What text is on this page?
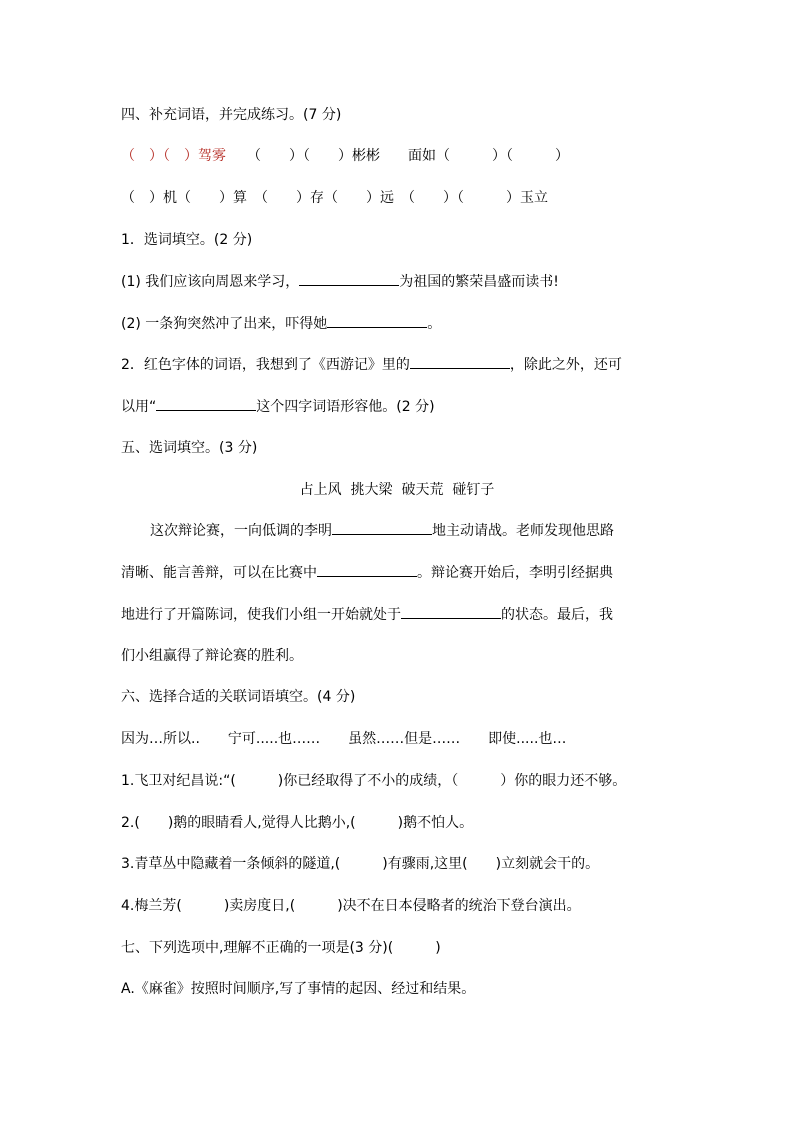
四、补充词语，并完成练习。(7 分)
（　）（　）驾雾　　（　　）（　　）彬彬　　面如（　　　）（　　　）
（　）机（　　）算　（　　）存（　　）远　（　　）（　　　）玉立
1．选词填空。(2 分)
(1) 我们应该向周恩来学习，	为祖国的繁荣昌盛而读书!
(2) 一条狗突然冲了出来，吓得她	。
2．红色字体的词语，我想到了《西游记》里的	，除此之外，还可
以用“	这个四字词语形容他。(2 分)
五、选词填空。(3 分)
占上风  挑大梁  破天荒  碰钉子
这次辩论赛，一向低调的李明	地主动请战。老师发现他思路
清晰、能言善辩，可以在比赛中	。辩论赛开始后，李明引经据典
地进行了开篇陈词，使我们小组一开始就处于	的状态。最后，我
们小组赢得了辩论赛的胜利。
六、选择合适的关联词语填空。(4 分)
因为…所以..　　宁可.....也……　　虽然……但是……　　即使.....也…
1.飞卫对纪昌说:“(　　　)你已经取得了不小的成绩，（　　　）你的眼力还不够。
2.(　　)鹅的眼睛看人,觉得人比鹅小,(　　　)鹅不怕人。
3.青草丛中隐藏着一条倾斜的隧道,(　　　)有骤雨,这里(　　)立刻就会干的。
4.梅兰芳(　　　)卖房度日,(　　　)决不在日本侵略者的统治下登台演出。
七、下列选项中,理解不正确的一项是(3 分)(　　　)
A.《麻雀》按照时间顺序,写了事情的起因、经过和结果。
